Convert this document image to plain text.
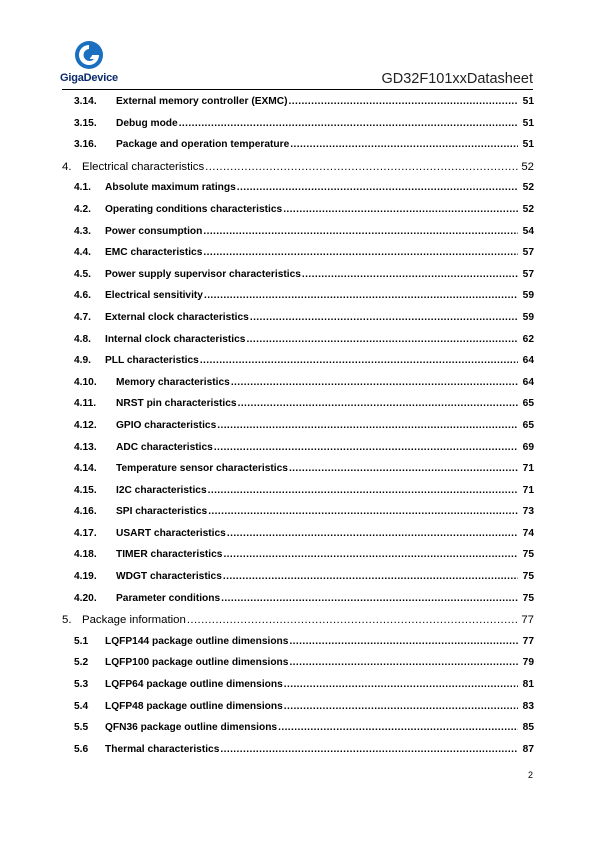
GigaDevice	GD32F101xxDatasheet
3.14. External memory controller (EXMC) .....	51
3.15. Debug mode .....	51
3.16. Package and operation temperature .....	51
4. Electrical characteristics .....	52
4.1. Absolute maximum ratings .....	52
4.2. Operating conditions characteristics .....	52
4.3. Power consumption .....	54
4.4. EMC characteristics .....	57
4.5. Power supply supervisor characteristics .....	57
4.6. Electrical sensitivity .....	59
4.7. External clock characteristics .....	59
4.8. Internal clock characteristics .....	62
4.9. PLL characteristics .....	64
4.10. Memory characteristics .....	64
4.11. NRST pin characteristics .....	65
4.12. GPIO characteristics .....	65
4.13. ADC characteristics .....	69
4.14. Temperature sensor characteristics .....	71
4.15. I2C characteristics .....	71
4.16. SPI characteristics .....	73
4.17. USART characteristics .....	74
4.18. TIMER characteristics .....	75
4.19. WDGT characteristics .....	75
4.20. Parameter conditions .....	75
5. Package information .....	77
5.1 LQFP144 package outline dimensions .....	77
5.2 LQFP100 package outline dimensions .....	79
5.3 LQFP64 package outline dimensions .....	81
5.4 LQFP48 package outline dimensions .....	83
5.5 QFN36 package outline dimensions .....	85
5.6 Thermal characteristics .....	87
2
